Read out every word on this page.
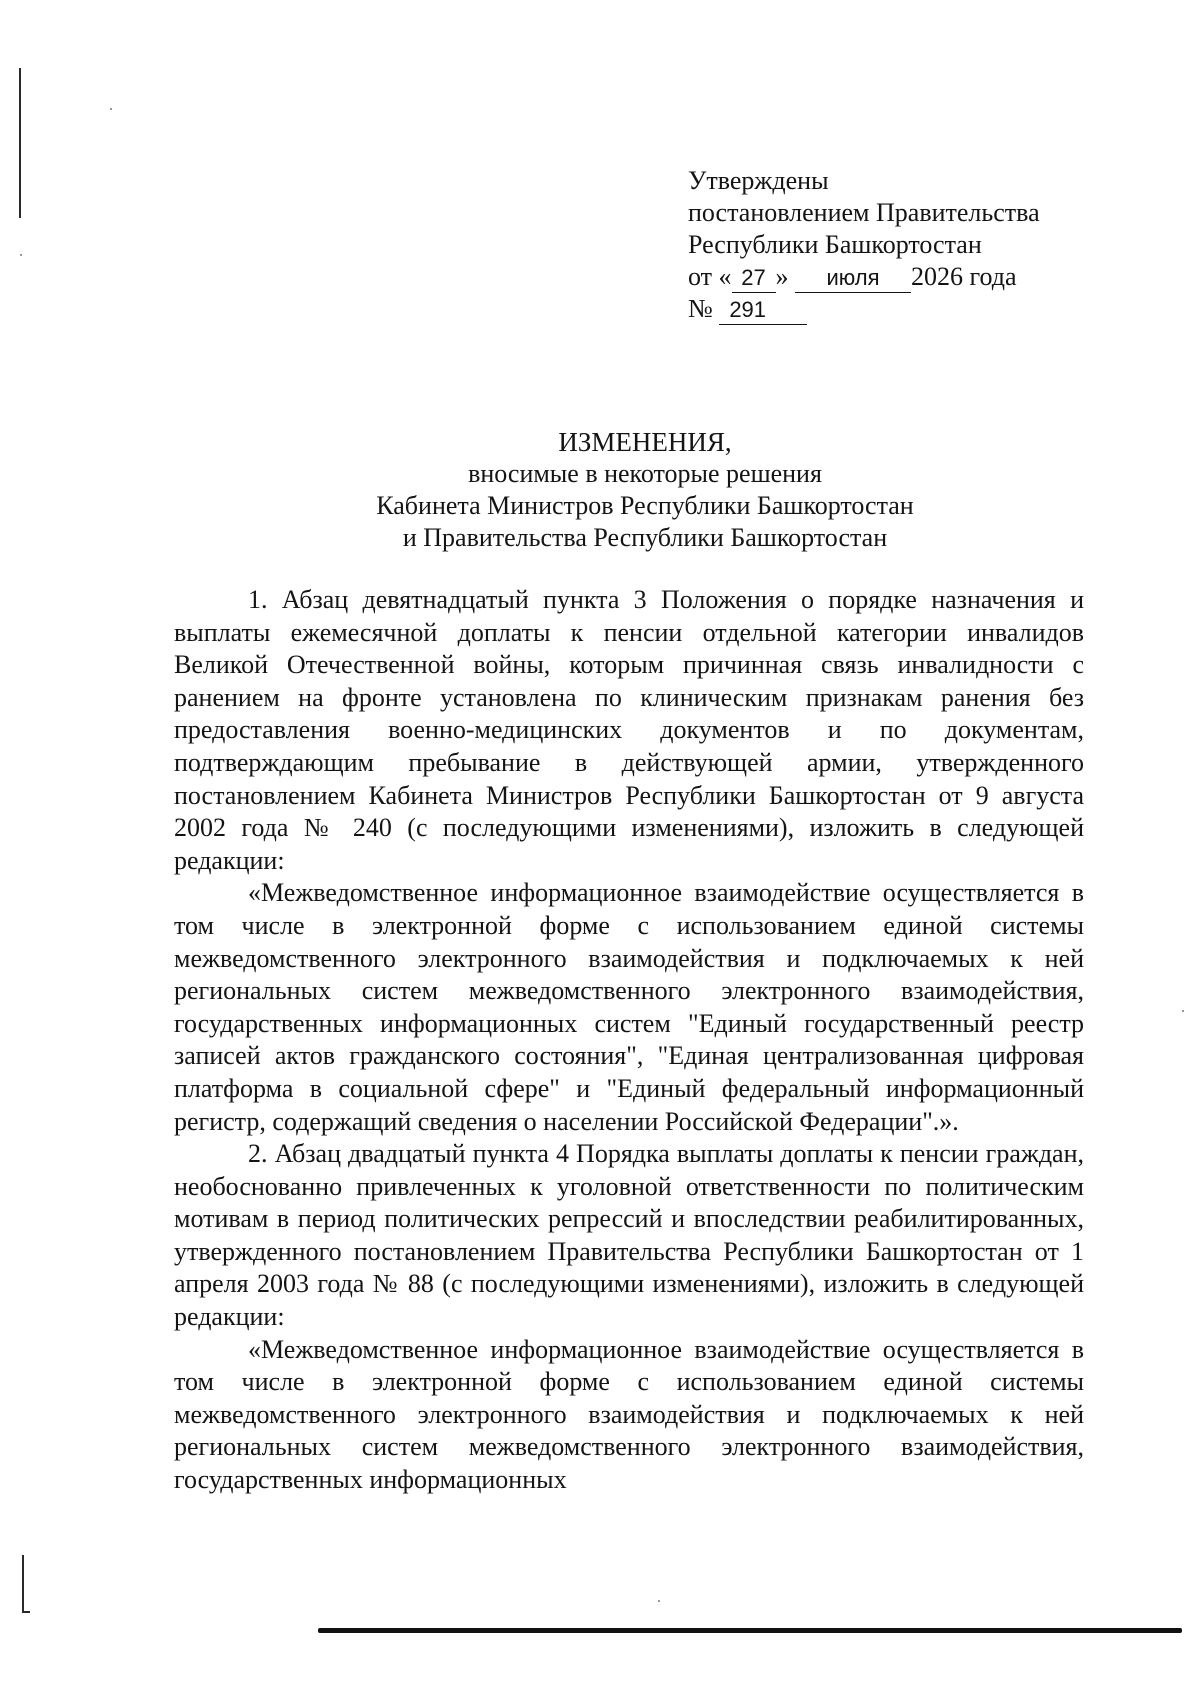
Утверждены
постановлением Правительства
Республики Башкортостан
от « 27 » июля 2026 года
№ 291
ИЗМЕНЕНИЯ,
вносимые в некоторые решения
Кабинета Министров Республики Башкортостан
и Правительства Республики Башкортостан

1. Абзац девятнадцатый пункта 3 Положения о порядке назначения и выплаты ежемесячной доплаты к пенсии отдельной категории инвалидов Великой Отечественной войны, которым причинная связь инвалидности с ранением на фронте установлена по клиническим признакам ранения без предоставления военно-медицинских документов и по документам, подтверждающим пребывание в действующей армии, утвержденного постановлением Кабинета Министров Республики Башкортостан от 9 августа 2002 года № 240 (с последующими изменениями), изложить в следующей редакции:

«Межведомственное информационное взаимодействие осуществляется в том числе в электронной форме с использованием единой системы межведомственного электронного взаимодействия и подключаемых к ней региональных систем межведомственного электронного взаимодействия, государственных информационных систем "Единый государственный реестр записей актов гражданского состояния", "Единая централизованная цифровая платформа в социальной сфере" и "Единый федеральный информационный регистр, содержащий сведения о населении Российской Федерации".».

2. Абзац двадцатый пункта 4 Порядка выплаты доплаты к пенсии граждан, необоснованно привлеченных к уголовной ответственности по политическим мотивам в период политических репрессий и впоследствии реабилитированных, утвержденного постановлением Правительства Республики Башкортостан от 1 апреля 2003 года № 88 (с последующими изменениями), изложить в следующей редакции:

«Межведомственное информационное взаимодействие осуществляется в том числе в электронной форме с использованием единой системы межведомственного электронного взаимодействия и подключаемых к ней региональных систем межведомственного электронного взаимодействия, государственных информационных
